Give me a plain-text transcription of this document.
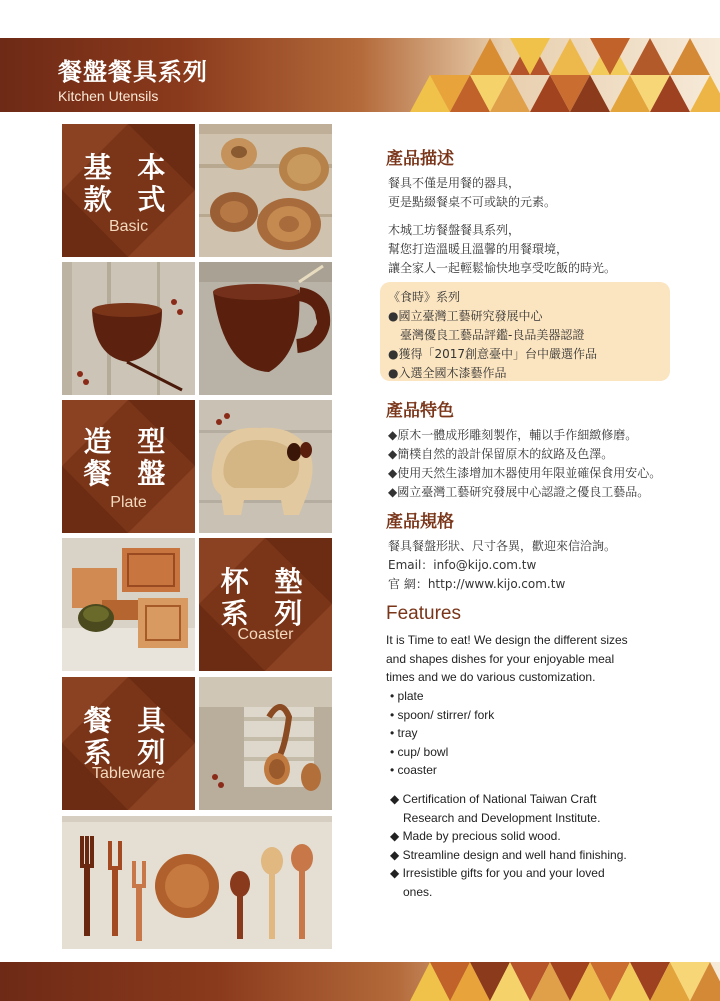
餐盤餐具系列
Kitchen Utensils
基 本
款 式
Basic
造 型
餐 盤
Plate
杯 墊
系 列
Coaster
餐 具
系 列
Tableware
產品描述
餐具不僅是用餐的器具，
更是點綴餐桌不可或缺的元素。
木城工坊餐盤餐具系列，
幫您打造溫暖且溫馨的用餐環境，
讓全家人一起輕鬆愉快地享受吃飯的時光。
《食時》系列
●國立臺灣工藝研究發展中心
臺灣優良工藝品評鑑-良品美器認證
●獲得「2017創意臺中」台中嚴選作品
●入選全國木漆藝作品
產品特色
◆原木一體成形雕刻製作，輔以手作細緻修磨。
◆簡樸自然的設計保留原木的紋路及色澤。
◆使用天然生漆增加木器使用年限並確保食用安心。
◆國立臺灣工藝研究發展中心認證之優良工藝品。
產品規格
餐具餐盤形狀、尺寸各異，歡迎來信洽詢。
Email：info@kijo.com.tw
官 網：http://www.kijo.com.tw
Features
It is Time to eat! We design the different sizes
and shapes dishes for your enjoyable meal
times and we do various customization.
• plate
• spoon/ stirrer/ fork
• tray
• cup/ bowl
• coaster
◆ Certification of National Taiwan Craft
Research and Development Institute.
◆ Made by precious solid wood.
◆ Streamline design and well hand finishing.
◆ Irresistible gifts for you and your loved
ones.
